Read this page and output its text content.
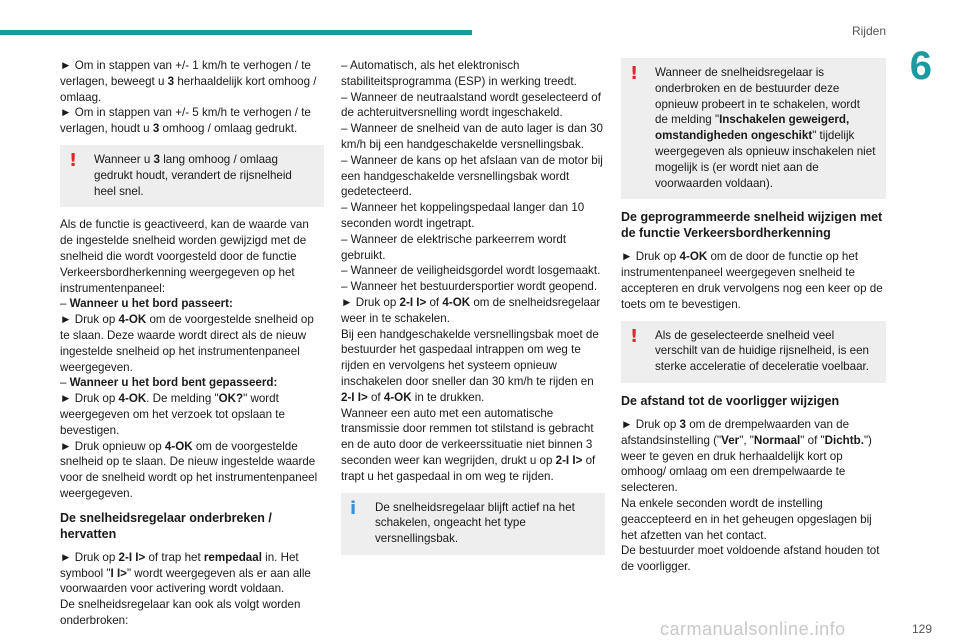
Rijden
6

► Om in stappen van +/- 1 km/h te verhogen / te verlagen, beweegt u 3 herhaaldelijk kort omhoog / omlaag.

► Om in stappen van +/- 5 km/h te verhogen / te verlagen, houdt u 3 omhoog / omlaag gedrukt.

! Wanneer u 3 lang omhoog / omlaag gedrukt houdt, verandert de rijsnelheid heel snel.

Als de functie is geactiveerd, kan de waarde van de ingestelde snelheid worden gewijzigd met de snelheid die wordt voorgesteld door de functie Verkeersbordherkenning weergegeven op het instrumentenpaneel:

– Wanneer u het bord passeert:

► Druk op 4-OK om de voorgestelde snelheid op te slaan. Deze waarde wordt direct als de nieuw ingestelde snelheid op het instrumentenpaneel weergegeven.

– Wanneer u het bord bent gepasseerd:

► Druk op 4-OK. De melding "OK?" wordt weergegeven om het verzoek tot opslaan te bevestigen.

► Druk opnieuw op 4-OK om de voorgestelde snelheid op te slaan. De nieuw ingestelde waarde voor de snelheid wordt op het instrumentenpaneel weergegeven.

De snelheidsregelaar onderbreken / hervatten

► Druk op 2-I I> of trap het rempedaal in. Het symbool "I I>" wordt weergegeven als er aan alle voorwaarden voor activering wordt voldaan.

De snelheidsregelaar kan ook als volgt worden onderbroken:

– Automatisch, als het elektronisch stabiliteitsprogramma (ESP) in werking treedt.

– Wanneer de neutraalstand wordt geselecteerd of de achteruitversnelling wordt ingeschakeld.

– Wanneer de snelheid van de auto lager is dan 30 km/h bij een handgeschakelde versnellingsbak.

– Wanneer de kans op het afslaan van de motor bij een handgeschakelde versnellingsbak wordt gedetecteerd.

– Wanneer het koppelingspedaal langer dan 10 seconden wordt ingetrapt.

– Wanneer de elektrische parkeerrem wordt gebruikt.

– Wanneer de veiligheidsgordel wordt losgemaakt.

– Wanneer het bestuurdersportier wordt geopend.

► Druk op 2-I I> of 4-OK om de snelheidsregelaar weer in te schakelen.

Bij een handgeschakelde versnellingsbak moet de bestuurder het gaspedaal intrappen om weg te rijden en vervolgens het systeem opnieuw inschakelen door sneller dan 30 km/h te rijden en 2-I I> of 4-OK in te drukken.

Wanneer een auto met een automatische transmissie door remmen tot stilstand is gebracht en de auto door de verkeerssituatie niet binnen 3 seconden weer kan wegrijden, drukt u op 2-I I> of trapt u het gaspedaal in om weg te rijden.

i De snelheidsregelaar blijft actief na het schakelen, ongeacht het type versnellingsbak.

! Wanneer de snelheidsregelaar is onderbroken en de bestuurder deze opnieuw probeert in te schakelen, wordt de melding "Inschakelen geweigerd, omstandigheden ongeschikt" tijdelijk weergegeven als opnieuw inschakelen niet mogelijk is (er wordt niet aan de voorwaarden voldaan).

De geprogrammeerde snelheid wijzigen met de functie Verkeersbordherkenning

► Druk op 4-OK om de door de functie op het instrumentenpaneel weergegeven snelheid te accepteren en druk vervolgens nog een keer op de toets om te bevestigen.

! Als de geselecteerde snelheid veel verschilt van de huidige rijsnelheid, is een sterke acceleratie of deceleratie voelbaar.

De afstand tot de voorligger wijzigen

► Druk op 3 om de drempelwaarden van de afstandsinstelling ("Ver", "Normaal" of "Dichtb.") weer te geven en druk herhaaldelijk kort op omhoog/ omlaag om een drempelwaarde te selecteren.

Na enkele seconden wordt de instelling geaccepteerd en in het geheugen opgeslagen bij het afzetten van het contact.

De bestuurder moet voldoende afstand houden tot de voorligger.

carmanualsonline.info	129
